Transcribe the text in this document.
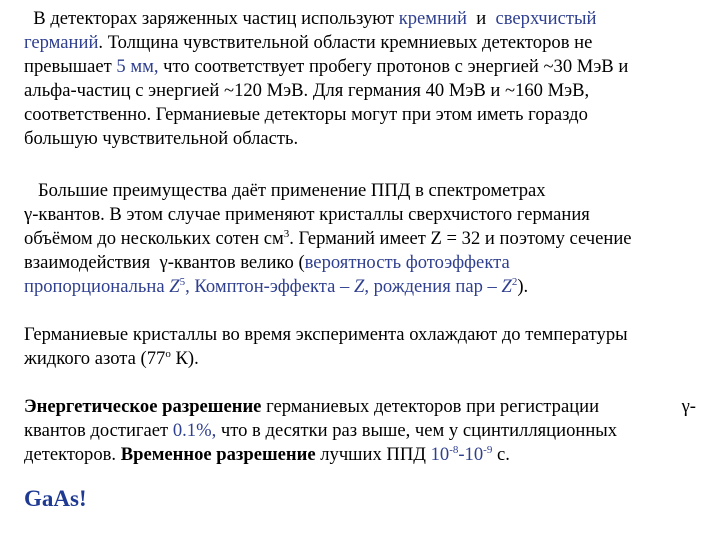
В детекторах заряженных частиц используют кремний  и  сверхчистый
германий. Толщина чувствительной области кремниевых детекторов не
превышает 5 мм, что соответствует пробегу протонов с энергией ~30 МэВ и
альфа-частиц с энергией ~120 МэВ. Для германия 40 МэВ и ~160 МэВ,
соответственно. Германиевые детекторы могут при этом иметь гораздо
большую чувствительной область.
Большие преимущества даёт применение ППД в спектрометрах
γ-квантов. В этом случае применяют кристаллы сверхчистого германия
объёмом до нескольких сотен $см^3$. Германий имеет Z = 32 и поэтому сечение
взаимодействия  γ-квантов велико (вероятность фотоэффекта
пропорциональна $Z^5$, Комптон-эффекта – Z, рождения пар – $Z^2$).
Германиевые кристаллы во время эксперимента охлаждают до температуры
жидкого азота ($77^о$ К).
Энергетическое разрешение германиевых детекторов при регистрации	γ-
квантов достигает 0.1%, что в десятки раз выше, чем у сцинтилляционных
детекторов. Временное разрешение лучших ППД $10^{-8}-10^{-9}$ с.
GaAs!
